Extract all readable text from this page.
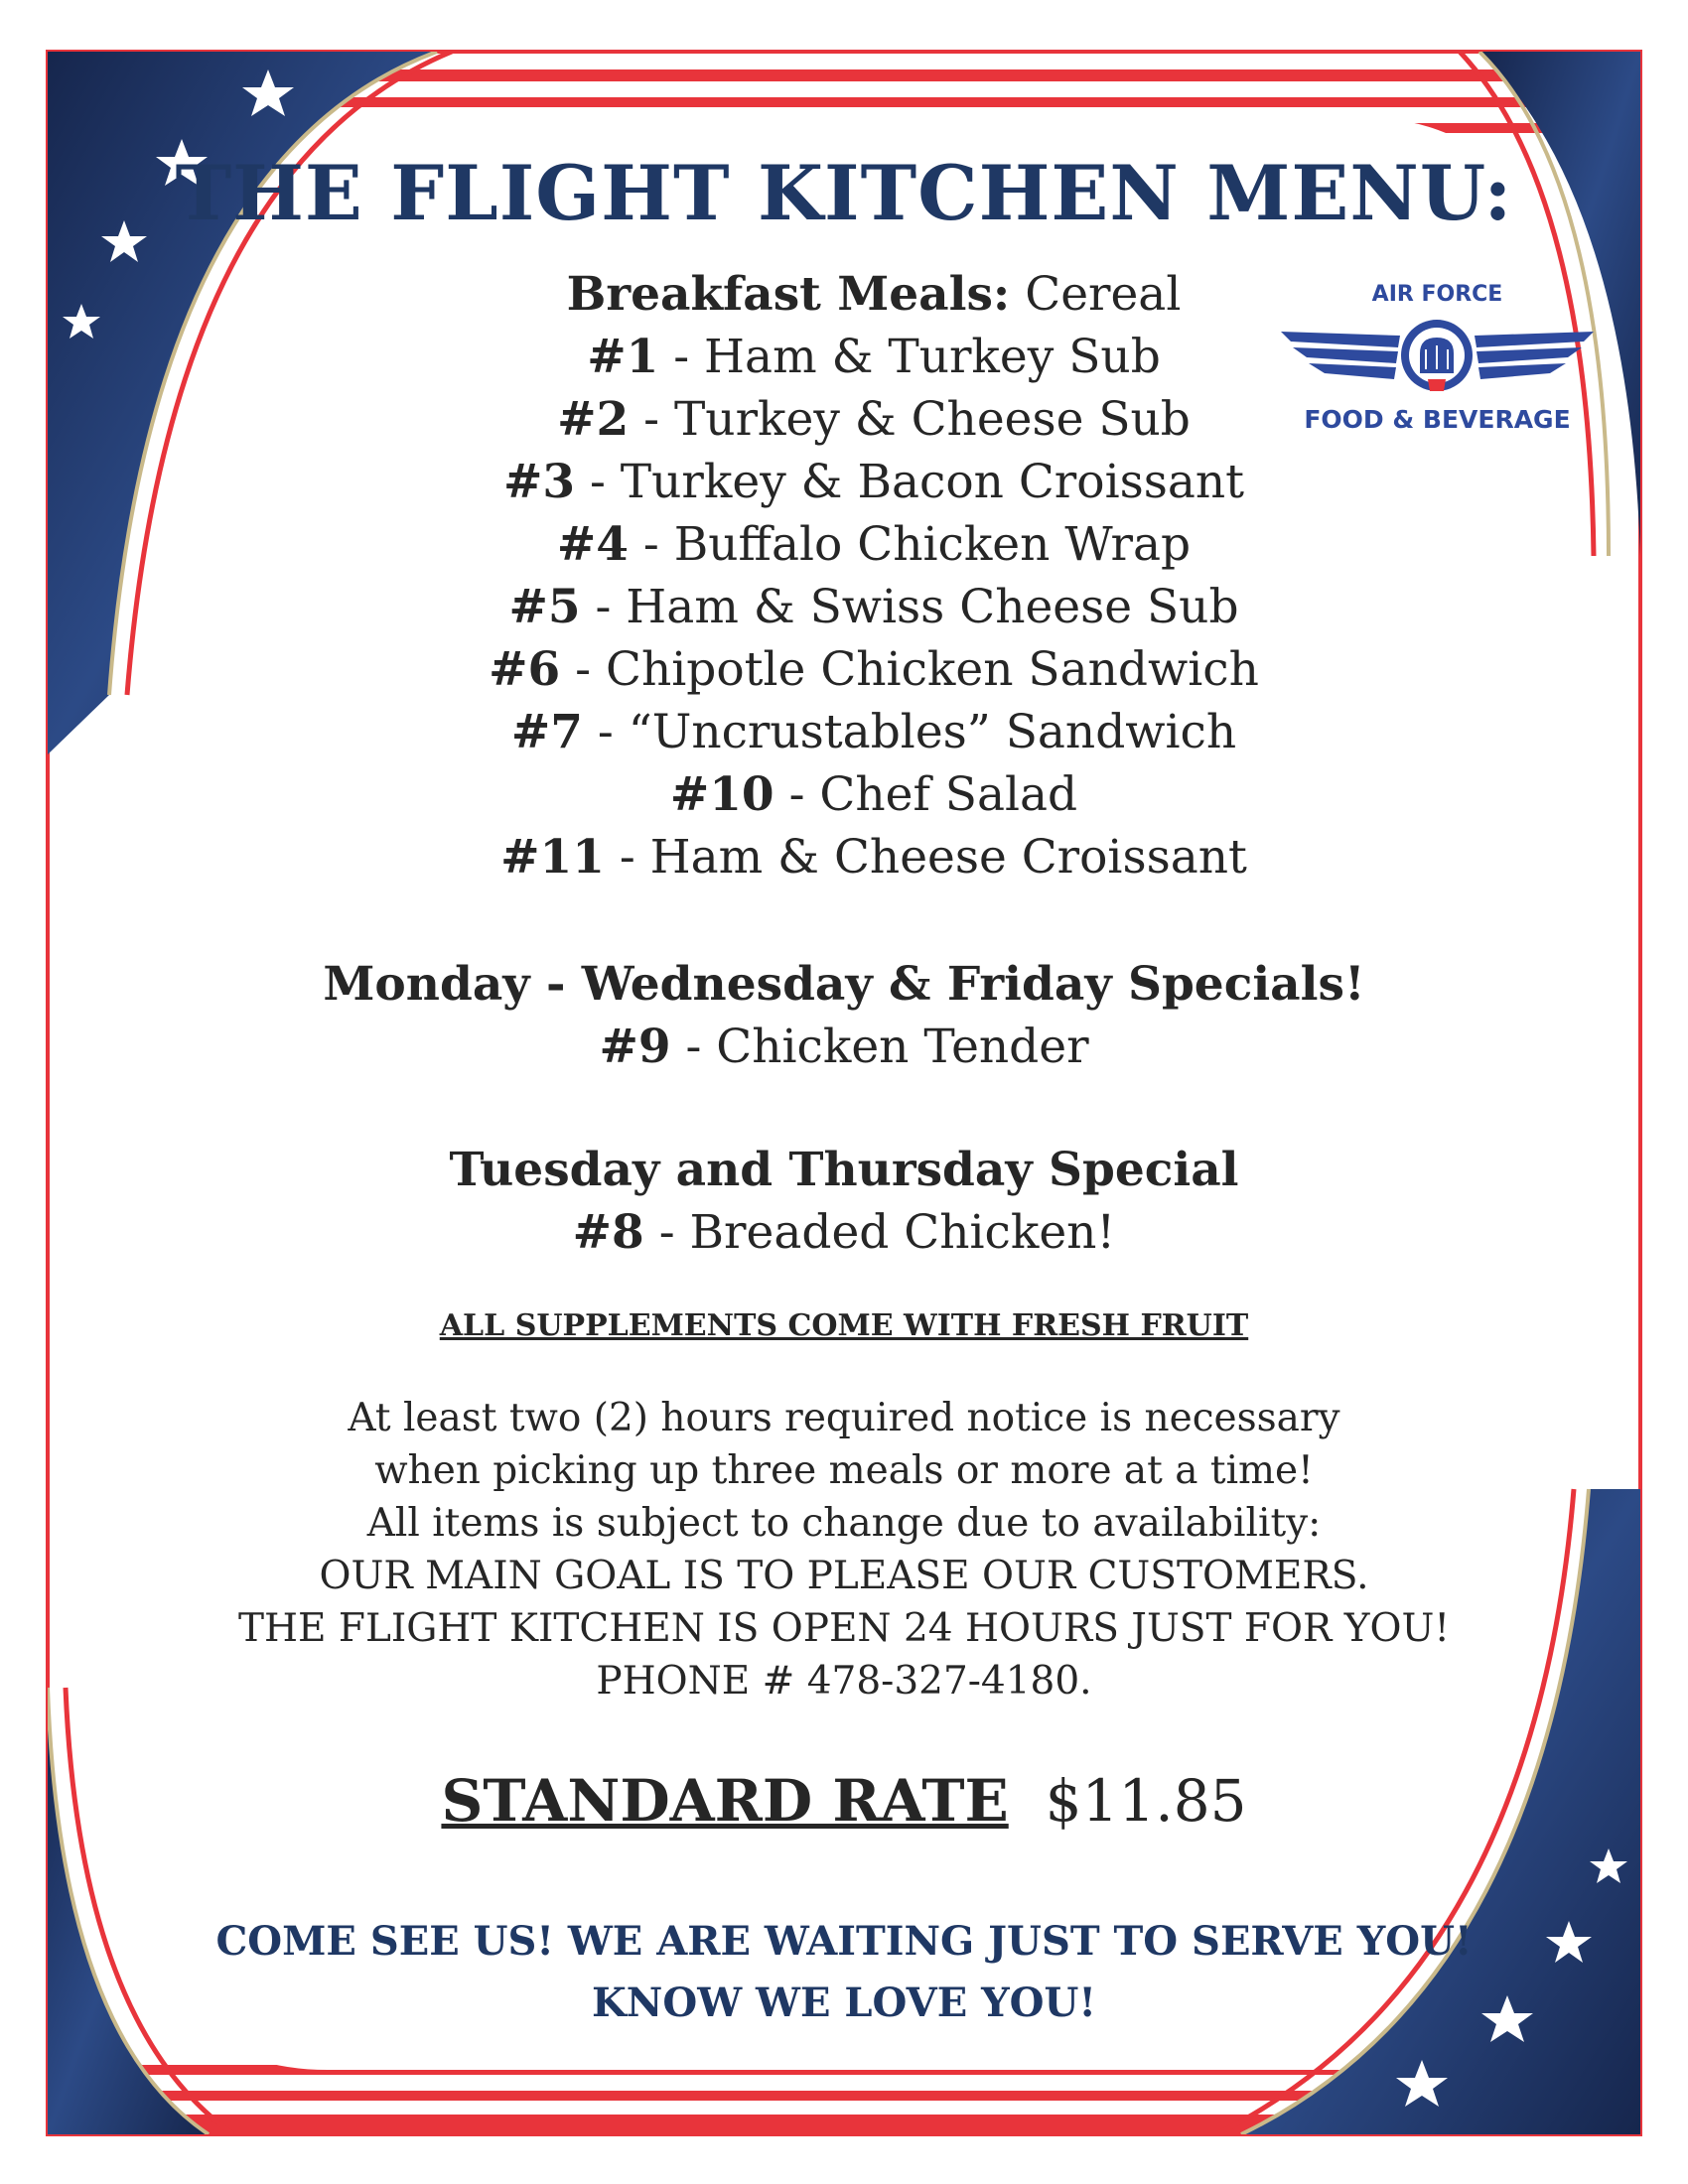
AIR FORCE
FOOD & BEVERAGE
THE FLIGHT KITCHEN MENU:
Breakfast Meals: Cereal
#1 - Ham & Turkey Sub
#2 - Turkey & Cheese Sub
#3 - Turkey & Bacon Croissant
#4 - Buffalo Chicken Wrap
#5 - Ham & Swiss Cheese Sub
#6 - Chipotle Chicken Sandwich
#7 - “Uncrustables” Sandwich
#10 - Chef Salad
#11 - Ham & Cheese Croissant
Monday - Wednesday & Friday Specials!
#9 - Chicken Tender
Tuesday and Thursday Special
#8 - Breaded Chicken!
ALL SUPPLEMENTS COME WITH FRESH FRUIT
At least two (2) hours required notice is necessary
when picking up three meals or more at a time!
All items is subject to change due to availability:
OUR MAIN GOAL IS TO PLEASE OUR CUSTOMERS.
THE FLIGHT KITCHEN IS OPEN 24 HOURS JUST FOR YOU!
PHONE # 478-327-4180.
STANDARD RATE $11.85
COME SEE US! WE ARE WAITING JUST TO SERVE YOU!
KNOW WE LOVE YOU!
